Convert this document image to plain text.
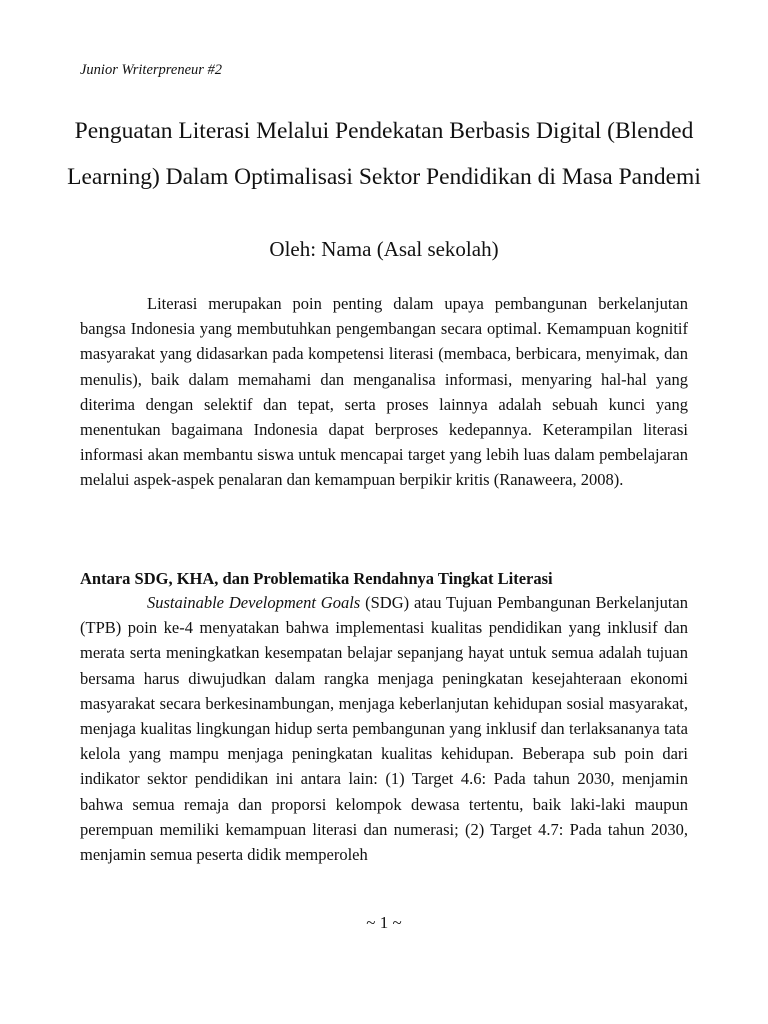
Junior Writerpreneur #2
Penguatan Literasi Melalui Pendekatan Berbasis Digital (Blended Learning) Dalam Optimalisasi Sektor Pendidikan di Masa Pandemi
Oleh: Nama (Asal sekolah)

Literasi merupakan poin penting dalam upaya pembangunan berkelanjutan bangsa Indonesia yang membutuhkan pengembangan secara optimal. Kemampuan kognitif masyarakat yang didasarkan pada kompetensi literasi (membaca, berbicara, menyimak, dan menulis), baik dalam memahami dan menganalisa informasi, menyaring hal-hal yang diterima dengan selektif dan tepat, serta proses lainnya adalah sebuah kunci yang menentukan bagaimana Indonesia dapat berproses kedepannya. Keterampilan literasi informasi akan membantu siswa untuk mencapai target yang lebih luas dalam pembelajaran melalui aspek-aspek penalaran dan kemampuan berpikir kritis (Ranaweera, 2008).

Antara SDG, KHA, dan Problematika Rendahnya Tingkat Literasi

Sustainable Development Goals (SDG) atau Tujuan Pembangunan Berkelanjutan (TPB) poin ke-4 menyatakan bahwa implementasi kualitas pendidikan yang inklusif dan merata serta meningkatkan kesempatan belajar sepanjang hayat untuk semua adalah tujuan bersama harus diwujudkan dalam rangka menjaga peningkatan kesejahteraan ekonomi masyarakat secara berkesinambungan, menjaga keberlanjutan kehidupan sosial masyarakat, menjaga kualitas lingkungan hidup serta pembangunan yang inklusif dan terlaksananya tata kelola yang mampu menjaga peningkatan kualitas kehidupan. Beberapa sub poin dari indikator sektor pendidikan ini antara lain: (1) Target 4.6: Pada tahun 2030, menjamin bahwa semua remaja dan proporsi kelompok dewasa tertentu, baik laki-laki maupun perempuan memiliki kemampuan literasi dan numerasi; (2) Target 4.7: Pada tahun 2030, menjamin semua peserta didik memperoleh

~ 1 ~
